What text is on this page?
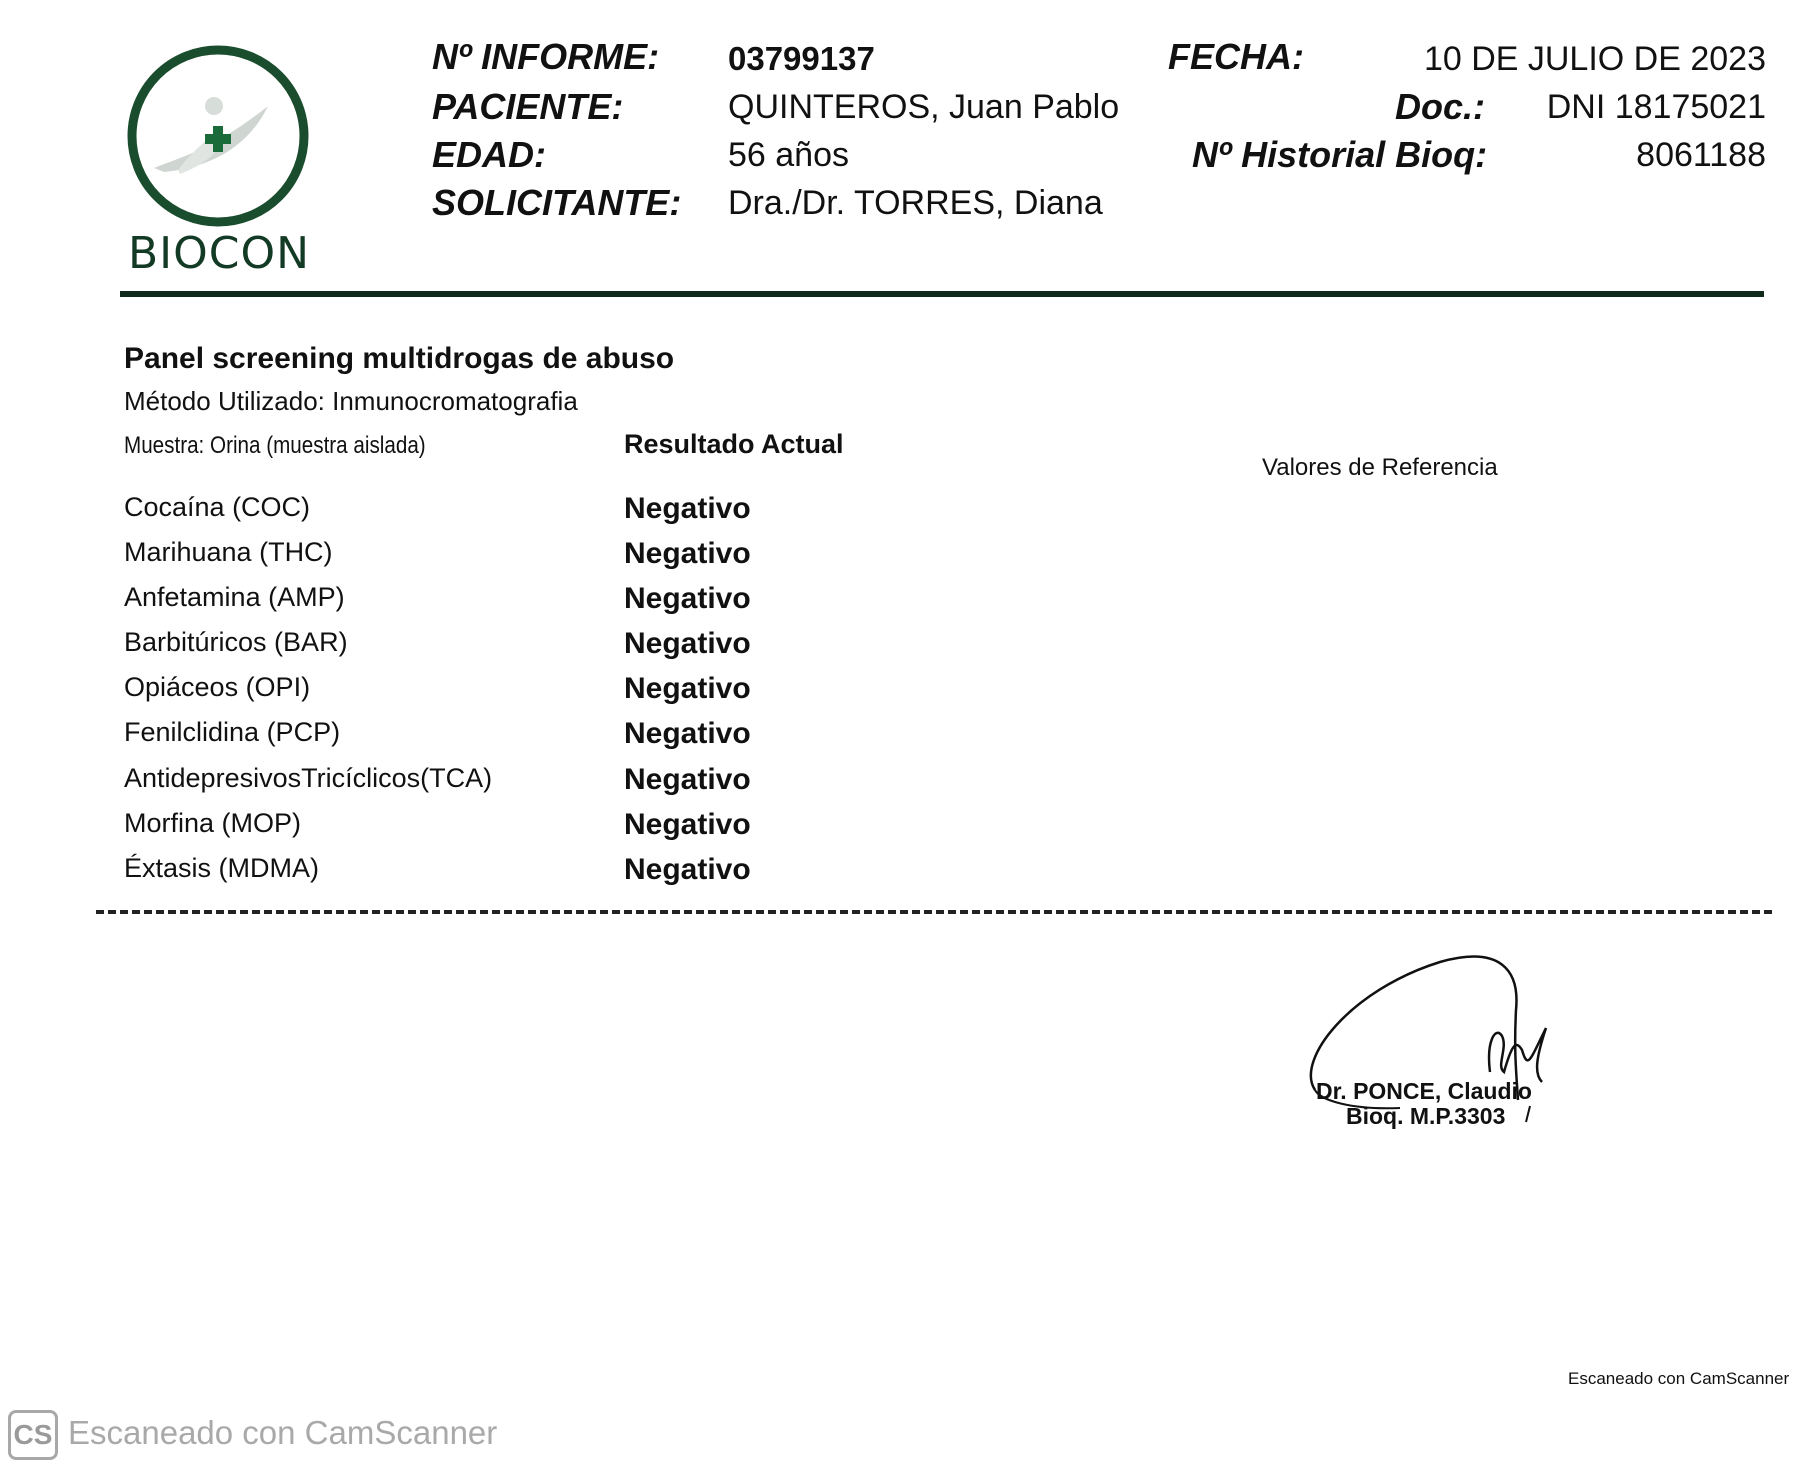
BIOCON
Nº INFORME: 03799137
PACIENTE:	QUINTEROS, Juan Pablo
EDAD:	56 años
SOLICITANTE: Dra./Dr. TORRES, Diana
FECHA:	10 DE JULIO DE 2023
Doc.: DNI 18175021
Nº Historial Bioq:	8061188
Panel screening multidrogas de abuso
Método Utilizado: Inmunocromatografia
Muestra: Orina (muestra aislada)	Resultado Actual
Valores de Referencia
Cocaína (COC)	Negativo
Marihuana (THC)	Negativo
Anfetamina (AMP)	Negativo
Barbitúricos (BAR)	Negativo
Opiáceos (OPI)	Negativo
Fenilclidina (PCP)	Negativo
AntidepresivosTricíclicos(TCA)	Negativo
Morfina (MOP)	Negativo
Éxtasis (MDMA)	Negativo
Dr. PONCE, Claudio
Bioq. M.P.3303
Escaneado con CamScanner
CS Escaneado con CamScanner
